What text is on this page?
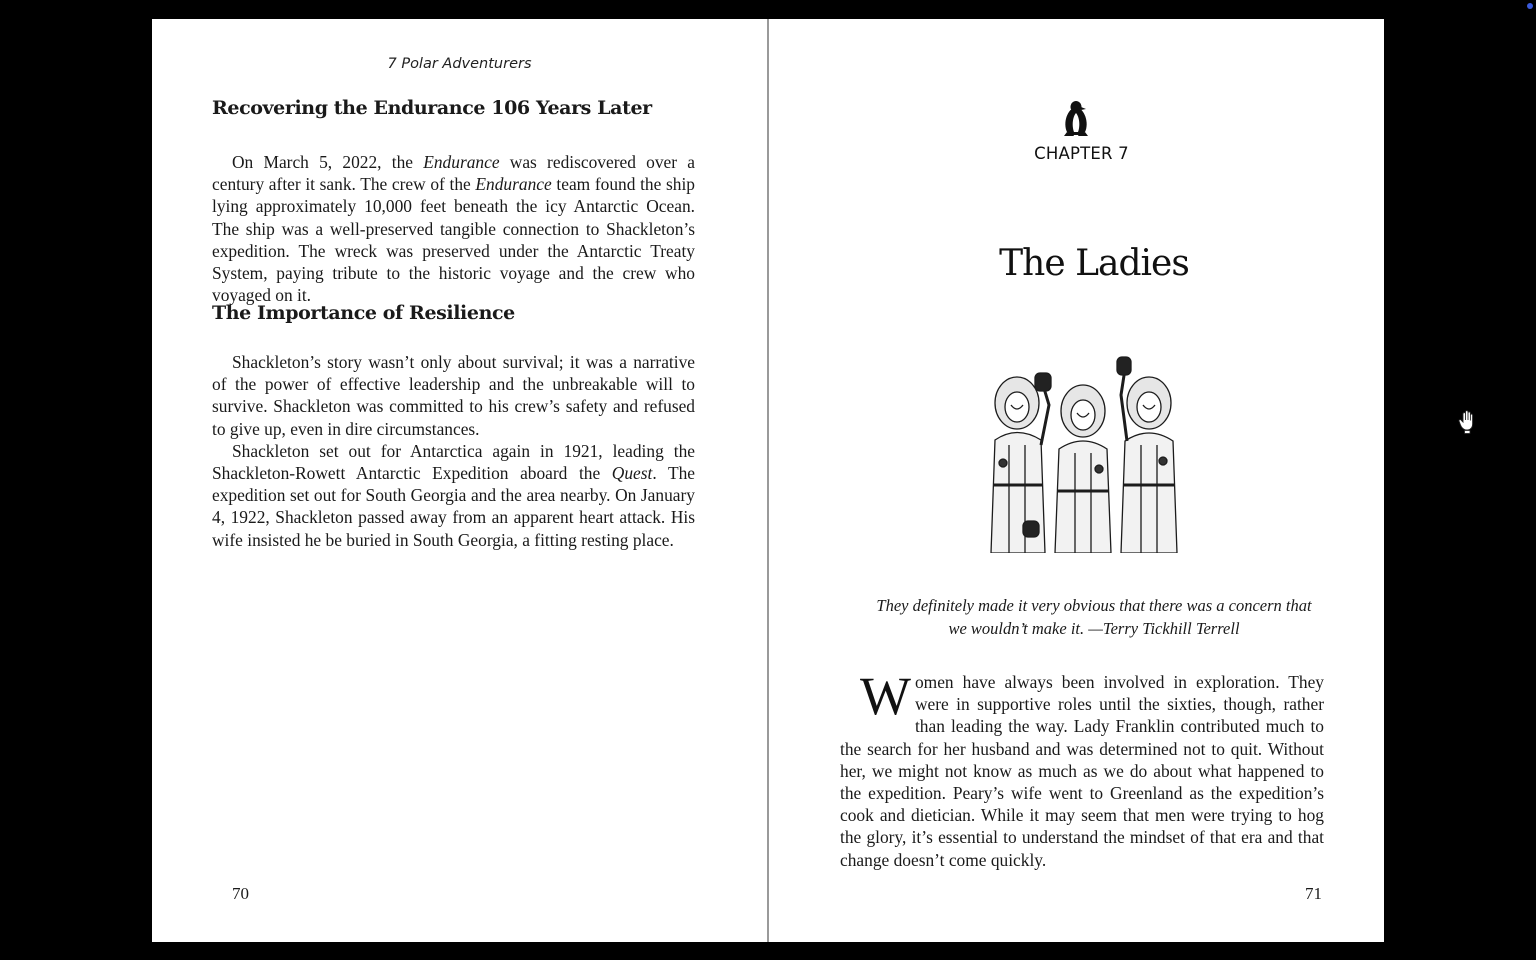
7 Polar Adventurers
Recovering the Endurance 106 Years Later

On March 5, 2022, the Endurance was rediscovered over a century after it sank. The crew of the Endurance team found the ship lying approximately 10,000 feet beneath the icy Antarctic Ocean. The ship was a well-preserved tangible connection to Shackleton’s expedition. The wreck was preserved under the Antarctic Treaty System, paying tribute to the historic voyage and the crew who voyaged on it.

The Importance of Resilience

Shackleton’s story wasn’t only about survival; it was a narrative of the power of effective leadership and the unbreakable will to survive. Shackleton was committed to his crew’s safety and refused to give up, even in dire circumstances.

Shackleton set out for Antarctica again in 1921, leading the Shackleton-Rowett Antarctic Expedition aboard the Quest. The expedition set out for South Georgia and the area nearby. On January 4, 1922, Shackleton passed away from an apparent heart attack. His wife insisted he be buried in South Georgia, a fitting resting place.

70
CHAPTER 7
The Ladies
They definitely made it very obvious that there was a concern that
we wouldn’t make it. —Terry Tickhill Terrell
Women have always been involved in exploration. They were in supportive roles until the sixties, though, rather than leading the way. Lady Franklin contributed much to the search for her husband and was determined not to quit. Without her, we might not know as much as we do about what happened to the expedition. Peary’s wife went to Greenland as the expedition’s cook and dietician. While it may seem that men were trying to hog the glory, it’s essential to understand the mindset of that era and that change doesn’t come quickly.
71
